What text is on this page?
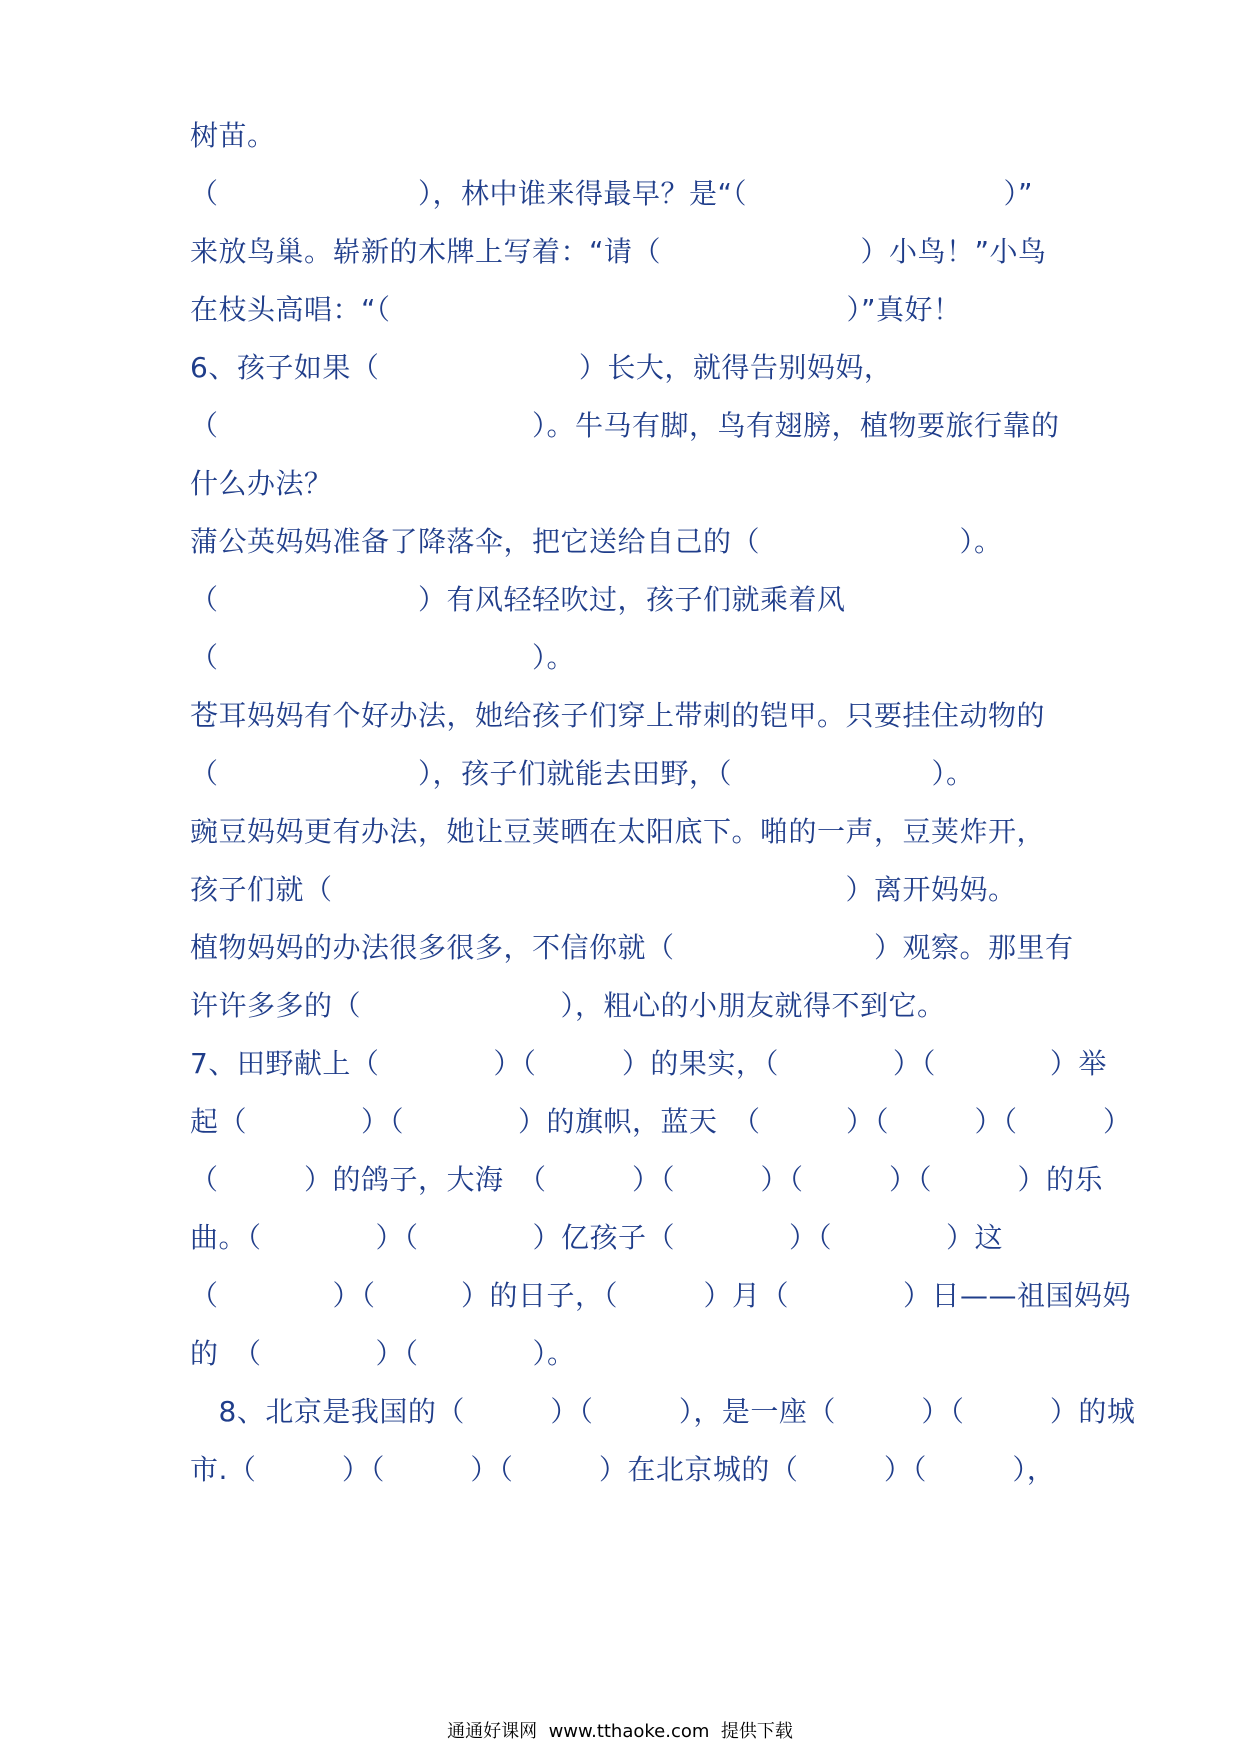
树苗。
（　　　　　　　），林中谁来得最早？是“（　　　　　　　　　）”
来放鸟巢。崭新的木牌上写着：“请（　　　　　　　）小鸟！”小鸟
在枝头高唱：“（　　　　　　　　　　　　　　　　）”真好！
6、孩子如果（　　　　　　　）长大，就得告别妈妈，
（　　　　　　　　　　　）。牛马有脚，鸟有翅膀，植物要旅行靠的
什么办法？
蒲公英妈妈准备了降落伞，把它送给自己的（　　　　　　　）。
（　　　　　　　）有风轻轻吹过，孩子们就乘着风
（　　　　　　　　　　　）。
苍耳妈妈有个好办法，她给孩子们穿上带刺的铠甲。只要挂住动物的
（　　　　　　　），孩子们就能去田野，（　　　　　　　）。
豌豆妈妈更有办法，她让豆荚晒在太阳底下。啪的一声，豆荚炸开，
孩子们就（　　　　　　　　　　　　　　　　　　）离开妈妈。
植物妈妈的办法很多很多，不信你就（　　　　　　　）观察。那里有
许许多多的（　　　　　　　），粗心的小朋友就得不到它。
7、田野献上（　　　　）（　　　）的果实，（　　　　）（　　　　）举
起（　　　　）（　　　　）的旗帜，蓝天　（　　　）（　　　）（　　　）
（　　　）的鸽子，大海　（　　　）（　　　）（　　　）（　　　）的乐
曲。（　　　　）（　　　　）亿孩子（　　　　）（　　　　）这
（　　　　）（　　　）的日子，（　　　）月（　　　　）日——祖国妈妈
的　（　　　　）（　　　　）。
　8、北京是我国的（　　　）（　　　），是一座（　　　）（　　　）的城
市.（　　　）（　　　）（　　　）在北京城的（　　　）（　　　），
通通好课网  www.tthaoke.com  提供下载
